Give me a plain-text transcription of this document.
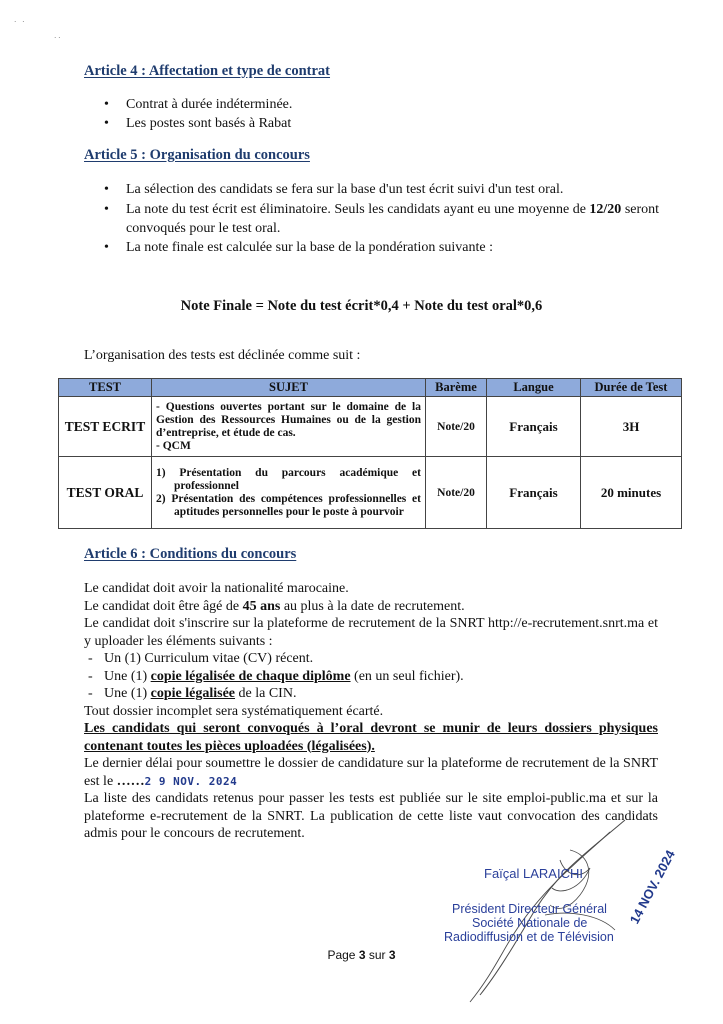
· ·
· ·
Article 4 : Affectation et type de contrat
• Contrat à durée indéterminée.
• Les postes sont basés à Rabat
Article 5 : Organisation du concours
• La sélection des candidats se fera sur la base d'un test écrit suivi d'un test oral.
• La note du test écrit est éliminatoire. Seuls les candidats ayant eu une moyenne de 12/20 seront convoqués pour le test oral.
• La note finale est calculée sur la base de la pondération suivante :
Note Finale = Note du test écrit*0,4 + Note du test oral*0,6
L’organisation des tests est déclinée comme suit :
TEST	SUJET	Barème	Langue	Durée de Test
TEST ECRIT	- Questions ouvertes portant sur le domaine de la Gestion des Ressources Humaines ou de la gestion d’entreprise, et étude de cas.
- QCM	Note/20	Français	3H
TEST ORAL	1) Présentation du parcours académique et professionnel
2) Présentation des compétences professionnelles et aptitudes personnelles pour le poste à pourvoir	Note/20	Français	20 minutes
Article 6 : Conditions du concours

Le candidat doit avoir la nationalité marocaine.

Le candidat doit être âgé de 45 ans au plus à la date de recrutement.

Le candidat doit s'inscrire sur la plateforme de recrutement de la SNRT http://e-recrutement.snrt.ma et y uploader les éléments suivants :

- Un (1) Curriculum vitae (CV) récent.

- Une (1) copie légalisée de chaque diplôme (en un seul fichier).

- Une (1) copie légalisée de la CIN.

Tout dossier incomplet sera systématiquement écarté.

Les candidats qui seront convoqués à l’oral devront se munir de leurs dossiers physiques contenant toutes les pièces uploadées (légalisées).

Le dernier délai pour soumettre le dossier de candidature sur la plateforme de recrutement de la SNRT est le ……2 9 NOV. 2024

La liste des candidats retenus pour passer les tests est publiée sur le site emploi-public.ma et sur la plateforme e-recrutement de la SNRT. La publication de cette liste vaut convocation des candidats admis pour le concours de recrutement.

Faïçal LARAICHI
Président Directeur Général
Société Nationale de
Radiodiffusion et de Télévision
14 NOV. 2024
Page 3 sur 3
